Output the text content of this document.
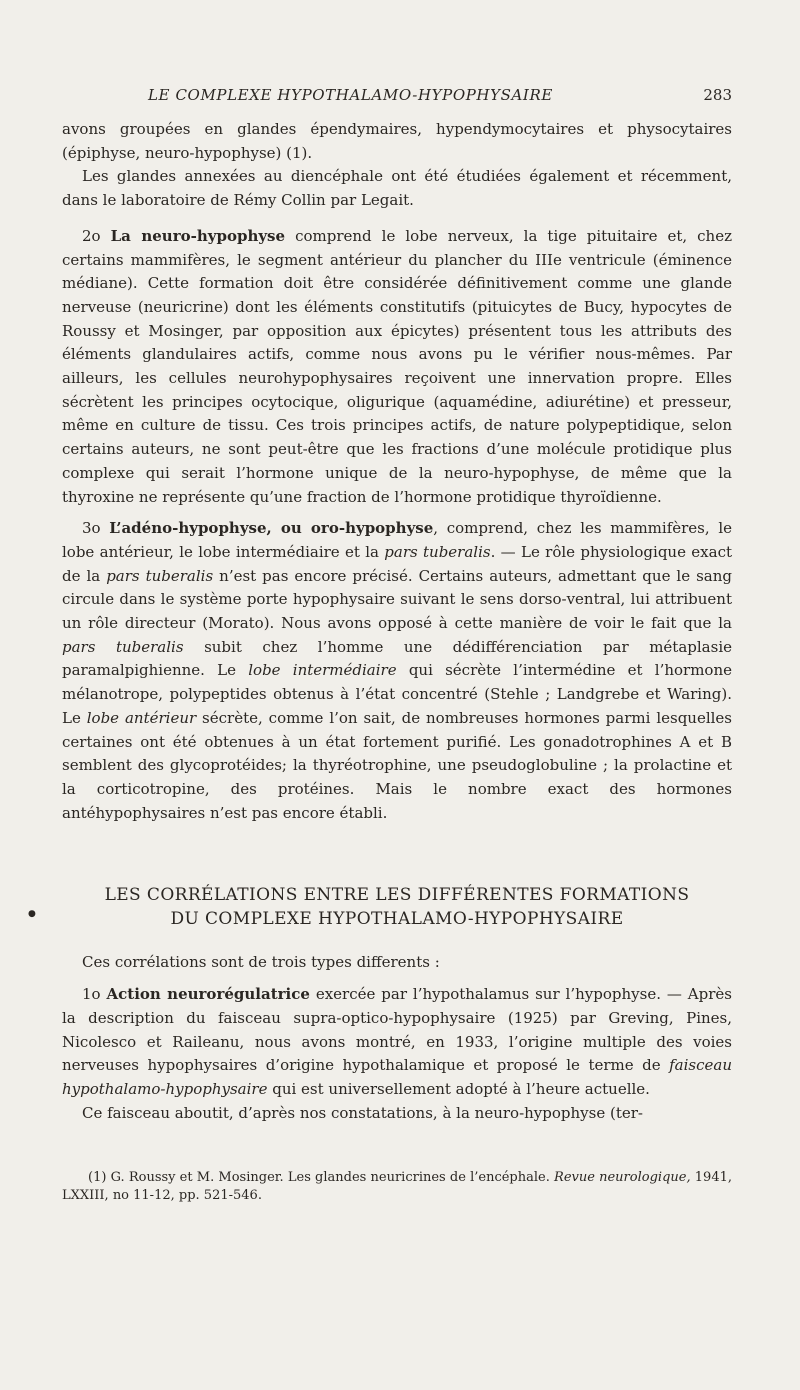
LE COMPLEXE HYPOTHALAMO-HYPOPHYSAIRE	283

avons groupées en glandes épendymaires, hypendymocytaires et physocytaires (épiphyse, neuro-hypophyse) (1).

Les glandes annexées au diencéphale ont été étudiées également et récemment, dans le laboratoire de Rémy Collin par Legait.

2o La neuro-hypophyse comprend le lobe nerveux, la tige pituitaire et, chez certains mammifères, le segment antérieur du plancher du IIIe ventricule (éminence médiane). Cette formation doit être considérée définitivement comme une glande nerveuse (neuricrine) dont les éléments constitutifs (pituicytes de Bucy, hypocytes de Roussy et Mosinger, par opposition aux épicytes) présentent tous les attributs des éléments glandulaires actifs, comme nous avons pu le vérifier nous-mêmes. Par ailleurs, les cellules neurohypophysaires reçoivent une innervation propre. Elles sécrètent les principes ocytocique, oligurique (aquamédine, adiurétine) et presseur, même en culture de tissu. Ces trois principes actifs, de nature polypeptidique, selon certains auteurs, ne sont peut-être que les fractions d’une molécule protidique plus complexe qui serait l’hormone unique de la neuro-hypophyse, de même que la thyroxine ne représente qu’une fraction de l’hormone protidique thyroïdienne.

3o L’adéno-hypophyse, ou oro-hypophyse, comprend, chez les mammifères, le lobe antérieur, le lobe intermédiaire et la pars tuberalis. — Le rôle physiologique exact de la pars tuberalis n’est pas encore précisé. Certains auteurs, admettant que le sang circule dans le système porte hypophysaire suivant le sens dorso-ventral, lui attribuent un rôle directeur (Morato). Nous avons opposé à cette manière de voir le fait que la pars tuberalis subit chez l’homme une dédifférenciation par métaplasie paramalpighienne. Le lobe intermédiaire qui sécrète l’intermédine et l’hormone mélanotrope, polypeptides obtenus à l’état concentré (Stehle ; Landgrebe et Waring). Le lobe antérieur sécrète, comme l’on sait, de nombreuses hormones parmi lesquelles certaines ont été obtenues à un état fortement purifié. Les gonadotrophines A et B semblent des glycoprotéides; la thyréotrophine, une pseudoglobuline ; la prolactine et la corticotropine, des protéines. Mais le nombre exact des hormones antéhypophysaires n’est pas encore établi.

LES CORRÉLATIONS ENTRE LES DIFFÉRENTES FORMATIONS
DU COMPLEXE HYPOTHALAMO-HYPOPHYSAIRE

Ces corrélations sont de trois types differents :

1o Action neurorégulatrice exercée par l’hypothalamus sur l’hypophyse. — Après la description du faisceau supra-optico-hypophysaire (1925) par Greving, Pines, Nicolesco et Raileanu, nous avons montré, en 1933, l’origine multiple des voies nerveuses hypophysaires d’origine hypothalamique et proposé le terme de faisceau hypothalamo-hypophysaire qui est universellement adopté à l’heure actuelle.

Ce faisceau aboutit, d’après nos constatations, à la neuro-hypophyse (ter-

(1) G. Roussy et M. Mosinger. Les glandes neuricrines de l’encéphale. Revue neurologique, 1941, LXXIII, no 11-12, pp. 521-546.
●
